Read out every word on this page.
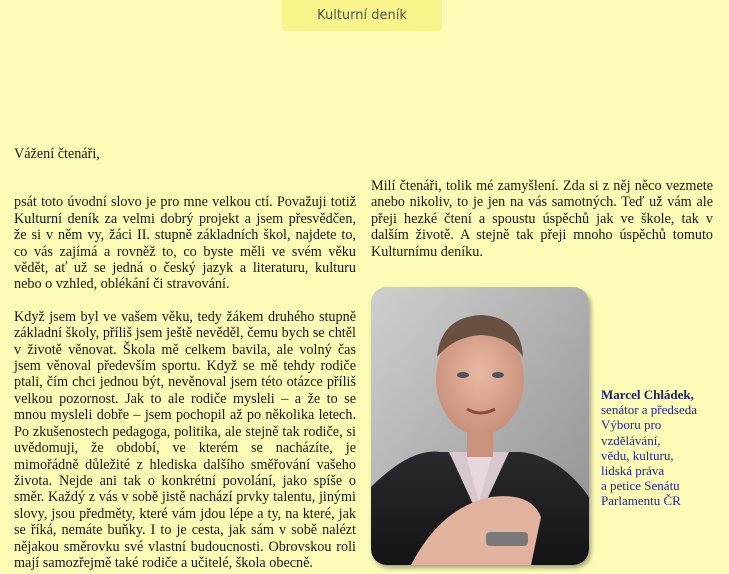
Kulturní deník

Vážení čtenáři,

psát toto úvodní slovo je pro mne velkou ctí. Považuji totiž Kulturní deník za velmi dobrý projekt a jsem přesvědčen, že si v něm vy, žáci II. stupně základních škol, najdete to, co vás zajímá a rovněž to, co byste měli ve svém věku vědět, ať už se jedná o český jazyk a literaturu, kulturu nebo o vzhled, oblékání či stravování.

Když jsem byl ve vašem věku, tedy žákem druhého stupně základní školy, příliš jsem ještě nevěděl, čemu bych se chtěl v životě věnovat. Škola mě celkem bavila, ale volný čas jsem věnoval především sportu. Když se mě tehdy rodiče ptali, čím chci jednou být, nevěnoval jsem této otázce příliš velkou pozornost. Jak to ale rodiče mysleli – a že to se mnou mysleli dobře – jsem pochopil až po několika letech. Po zkušenostech pedagoga, politika, ale stejně tak rodiče, si uvědomuji, že období, ve kterém se nacházíte, je mimořádně důležité z hlediska dalšího směřování vašeho života. Nejde ani tak o konkrétní povolání, jako spíše o směr. Každý z vás v sobě jistě nachází prvky talentu, jinými slovy, jsou předměty, které vám jdou lépe a ty, na které, jak se říká, nemáte buňky. I to je cesta, jak sám v sobě nalézt nějakou směrovku své vlastní budoucnosti. Obrovskou roli mají samozřejmě také rodiče a učitelé, škola obecně.

Milí čtenáři, tolik mé zamyšlení. Zda si z něj něco vezmete anebo nikoliv, to je jen na vás samotných. Teď už vám ale přeji hezké čtení a spoustu úspěchů jak ve škole, tak v dalším životě. A stejně tak přeji mnoho úspěchů tomuto Kulturnímu deníku.

Marcel Chládek,
senátor a předseda
Výboru pro
vzdělávání,
vědu, kulturu,
lidská práva
a petice Senátu
Parlamentu ČR
